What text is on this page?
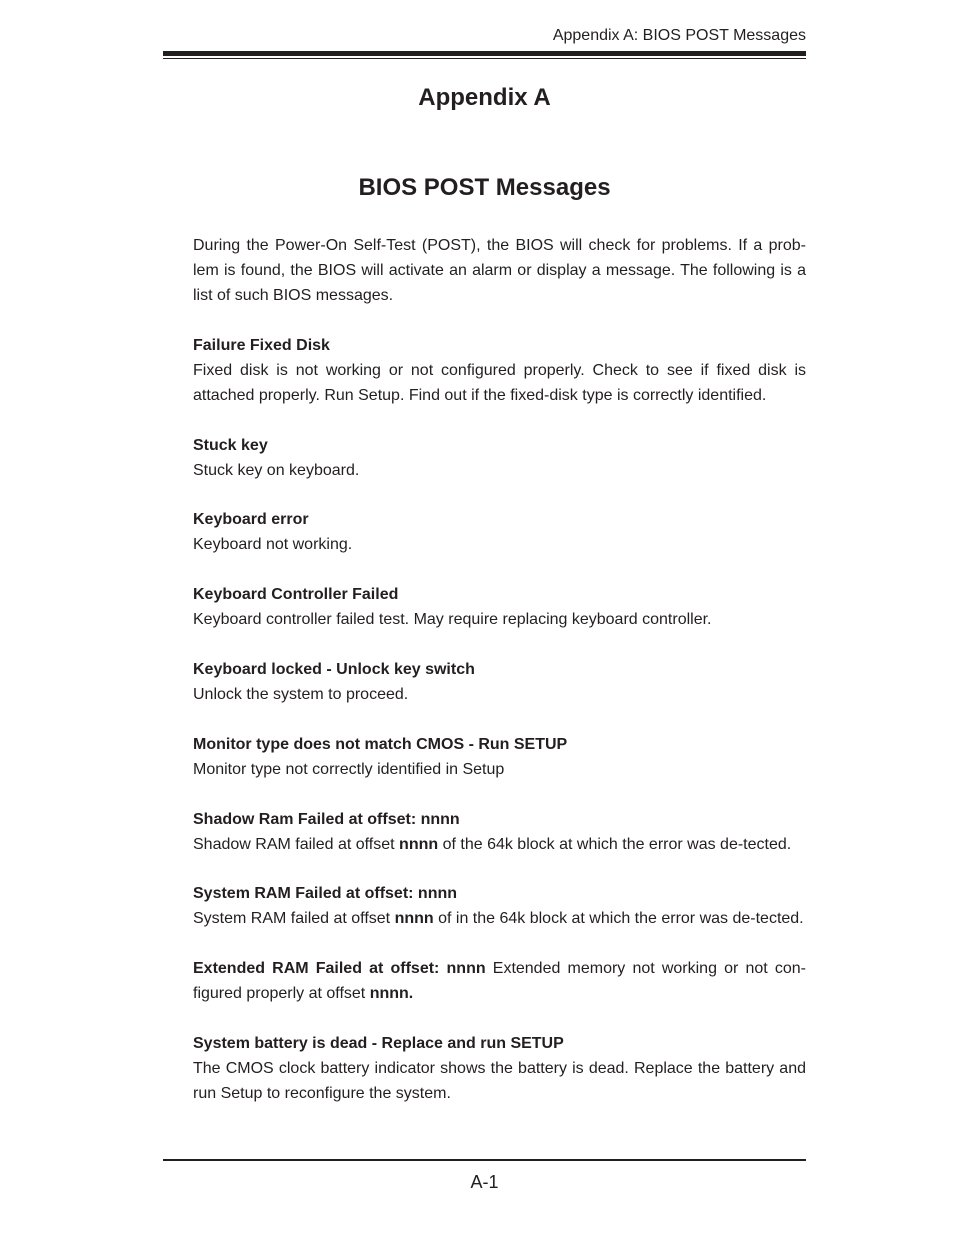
Appendix A: BIOS POST Messages
Appendix A
BIOS POST Messages

During the Power-On Self-Test (POST), the BIOS will check for problems. If a prob-lem is found, the BIOS will activate an alarm or display a message. The following is a list of such BIOS messages.

Failure Fixed Disk
Fixed disk is not working or not configured properly. Check to see if fixed disk is attached properly. Run Setup. Find out if the fixed-disk type is correctly identified.
Stuck key
Stuck key on keyboard.
Keyboard error
Keyboard not working.
Keyboard Controller Failed
Keyboard controller failed test. May require replacing keyboard controller.
Keyboard locked - Unlock key switch
Unlock the system to proceed.
Monitor type does not match CMOS - Run SETUP
Monitor type not correctly identified in Setup
Shadow Ram Failed at offset: nnnn
Shadow RAM failed at offset nnnn of the 64k block at which the error was de-tected.
System RAM Failed at offset: nnnn
System RAM failed at offset nnnn of in the 64k block at which the error was de-tected.
Extended RAM Failed at offset: nnnn Extended memory not working or not con-figured properly at offset nnnn.
System battery is dead - Replace and run SETUP
The CMOS clock battery indicator shows the battery is dead. Replace the battery and run Setup to reconfigure the system.
A-1
